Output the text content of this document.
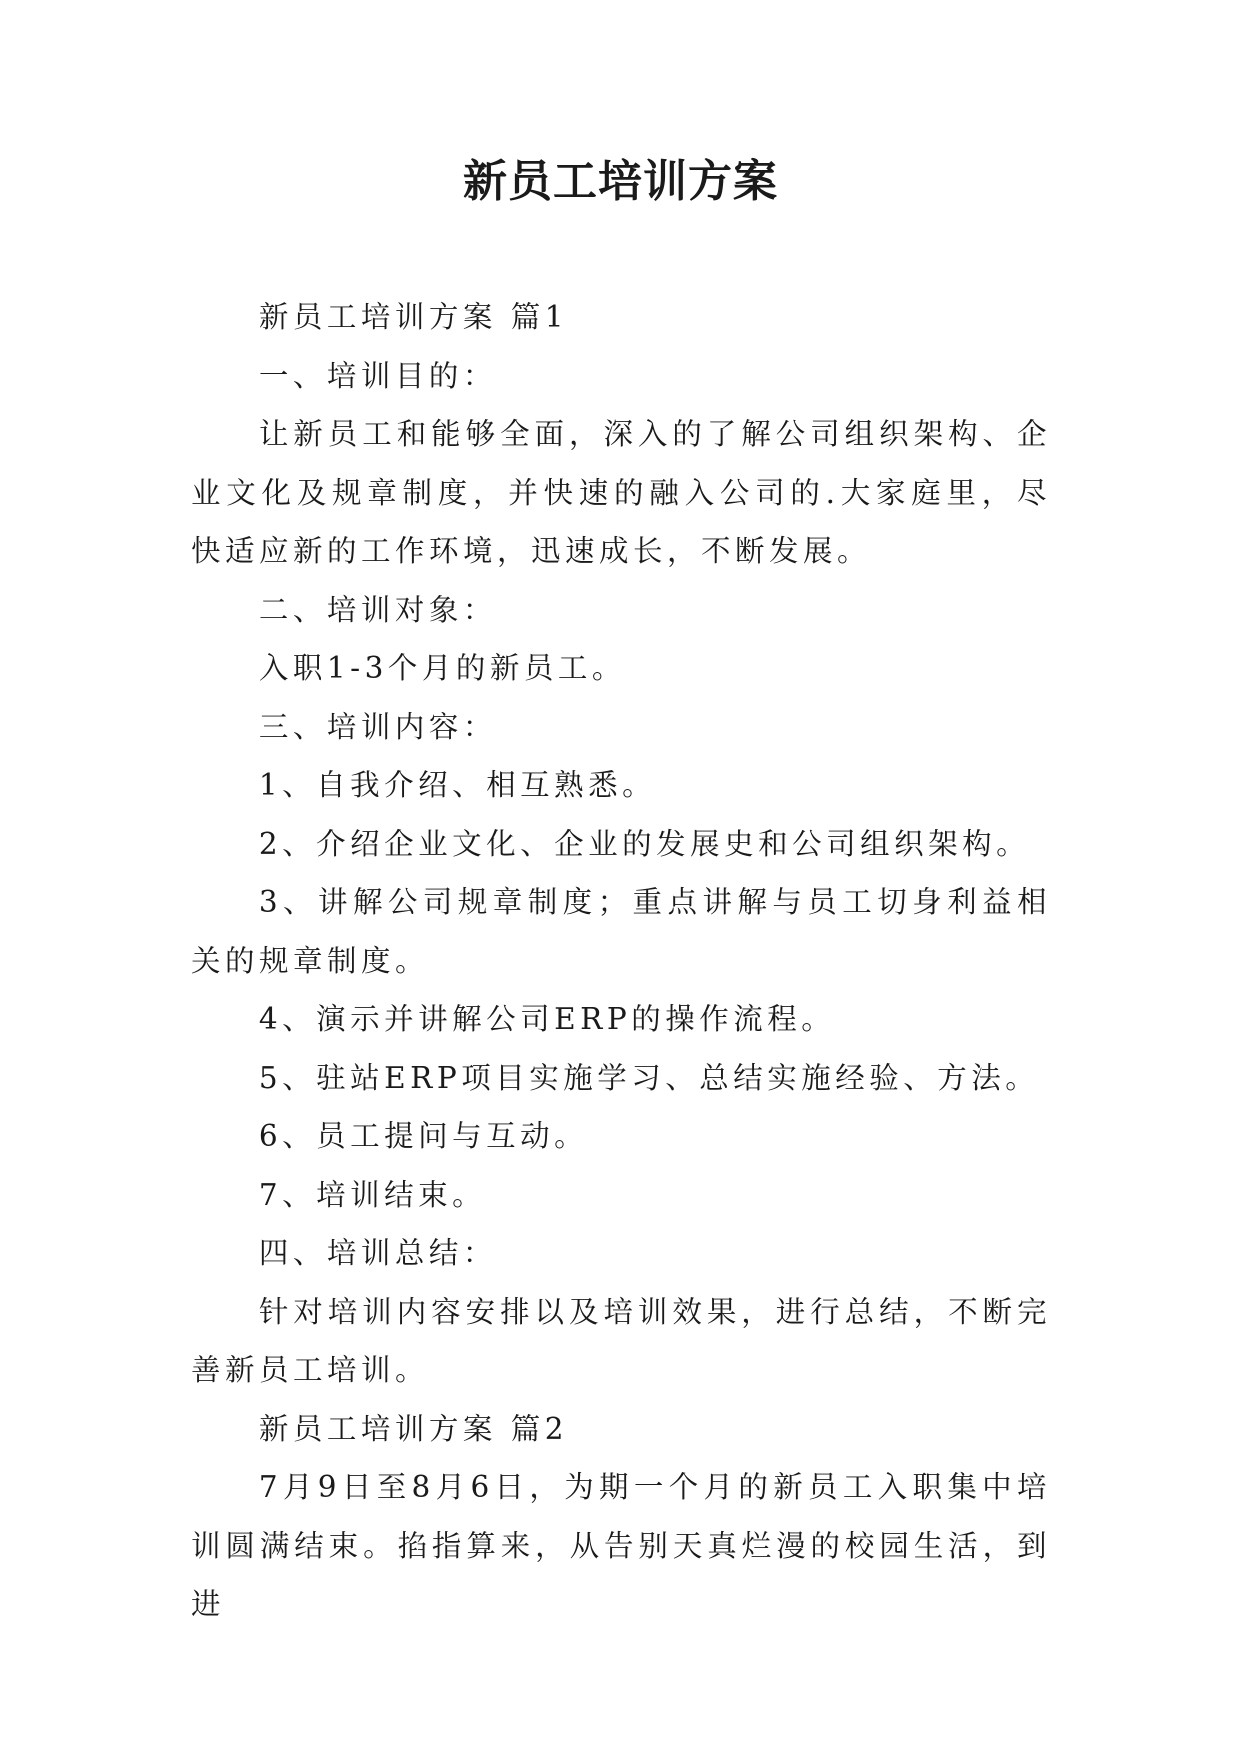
新员工培训方案

新员工培训方案 篇1

一、培训目的：

让新员工和能够全面，深入的了解公司组织架构、企业文化及规章制度，并快速的融入公司的.大家庭里，尽快适应新的工作环境，迅速成长，不断发展。

二、培训对象：

入职1-3个月的新员工。

三、培训内容：

1、自我介绍、相互熟悉。

2、介绍企业文化、企业的发展史和公司组织架构。

3、讲解公司规章制度；重点讲解与员工切身利益相关的规章制度。

4、演示并讲解公司ERP的操作流程。

5、驻站ERP项目实施学习、总结实施经验、方法。

6、员工提问与互动。

7、培训结束。

四、培训总结：

针对培训内容安排以及培训效果，进行总结，不断完善新员工培训。

新员工培训方案 篇2

7月9日至8月6日，为期一个月的新员工入职集中培训圆满结束。掐指算来，从告别天真烂漫的校园生活，到进
